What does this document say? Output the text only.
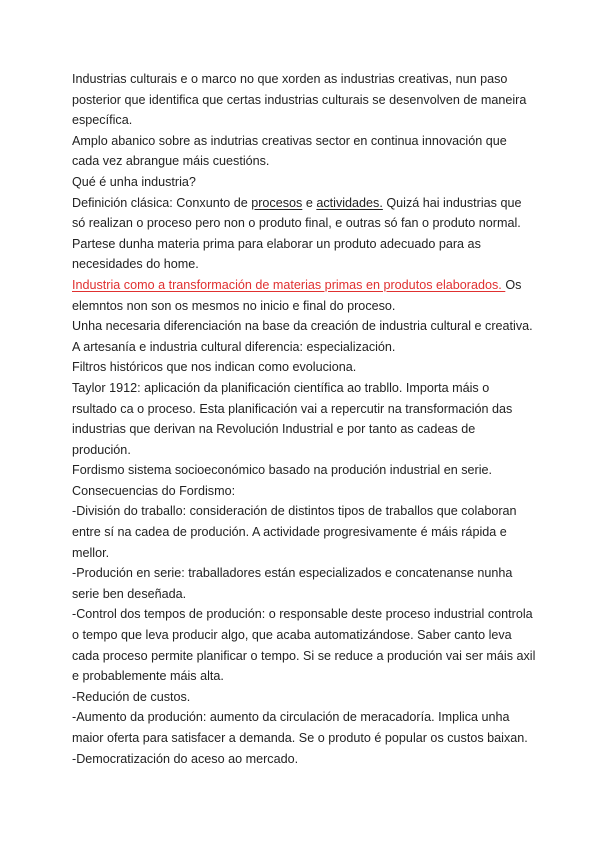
Industrias culturais e o marco no que xorden as industrias creativas, nun paso posterior que identifica que certas industrias culturais se desenvolven de maneira específica.

Amplo abanico sobre as indutrias creativas sector en continua innovación que cada vez abrangue máis cuestións.

Qué é unha industria?

Definición clásica: Conxunto de procesos e actividades. Quizá hai industrias que só realizan o proceso pero non o produto final, e outras só fan o produto normal.

Partese dunha materia prima para elaborar un produto adecuado para as necesidades do home.

Industria como a transformación de materias primas en produtos elaborados. Os elemntos non son os mesmos no inicio e final do proceso.

Unha necesaria diferenciación na base da creación de industria cultural e creativa. A artesanía e industria cultural diferencia: especialización.

Filtros históricos que nos indican como evoluciona.

Taylor 1912: aplicación da planificación científica ao trabllo. Importa máis o rsultado ca o proceso. Esta planificación vai a repercutir na transformación das industrias que derivan na Revolución Industrial e por tanto as cadeas de produción.

Fordismo sistema socioeconómico basado na produción industrial en serie.

Consecuencias do Fordismo:

-División do traballo: consideración de distintos tipos de traballos que colaboran entre sí na cadea de produción. A actividade progresivamente é máis rápida e mellor.

-Produción en serie: traballadores están especializados e concatenanse nunha serie ben deseñada.

-Control dos tempos de produción: o responsable deste proceso industrial controla o tempo que leva producir algo, que acaba automatizándose. Saber canto leva cada proceso permite planificar o tempo. Si se reduce a produción vai ser máis axil e probablemente máis alta.

-Redución de custos.

-Aumento da produción: aumento da circulación de meracadoría. Implica unha maior oferta para satisfacer a demanda. Se o produto é popular os custos baixan.

-Democratización do aceso ao mercado.
